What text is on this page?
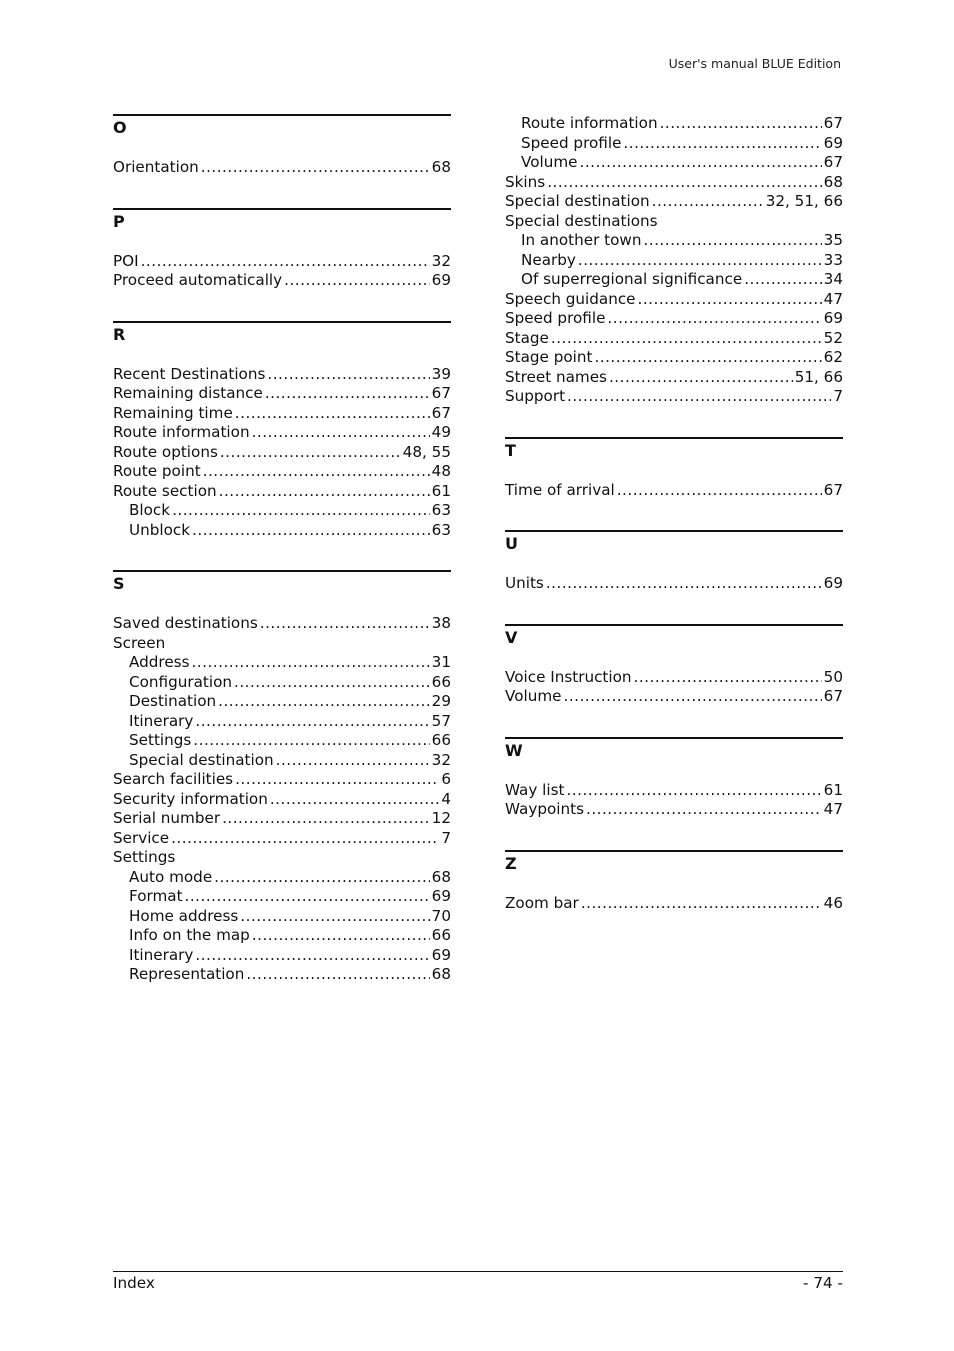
User's manual BLUE Edition
O
Orientation .....	68
P
POI .....	32
Proceed automatically .....	69
R
Recent Destinations .....	39
Remaining distance .....	67
Remaining time .....	67
Route information .....	49
Route options .....	48, 55
Route point .....	48
Route section .....	61
Block .....	63
Unblock .....	63
S
Saved destinations .....	38
Screen
Address .....	31
Configuration .....	66
Destination .....	29
Itinerary .....	57
Settings .....	66
Special destination .....	32
Search facilities .....	6
Security information .....	4
Serial number .....	12
Service .....	7
Settings
Auto mode .....	68
Format .....	69
Home address .....	70
Info on the map .....	66
Itinerary .....	69
Representation .....	68
Route information .....	67
Speed profile .....	69
Volume .....	67
Skins .....	68
Special destination .....	32, 51, 66
Special destinations
In another town .....	35
Nearby .....	33
Of superregional significance .....	34
Speech guidance .....	47
Speed profile .....	69
Stage .....	52
Stage point .....	62
Street names .....	51, 66
Support .....	7
T
Time of arrival .....	67
U
Units .....	69
V
Voice Instruction .....	50
Volume .....	67
W
Way list .....	61
Waypoints .....	47
Z
Zoom bar .....	46
Index	- 74 -
